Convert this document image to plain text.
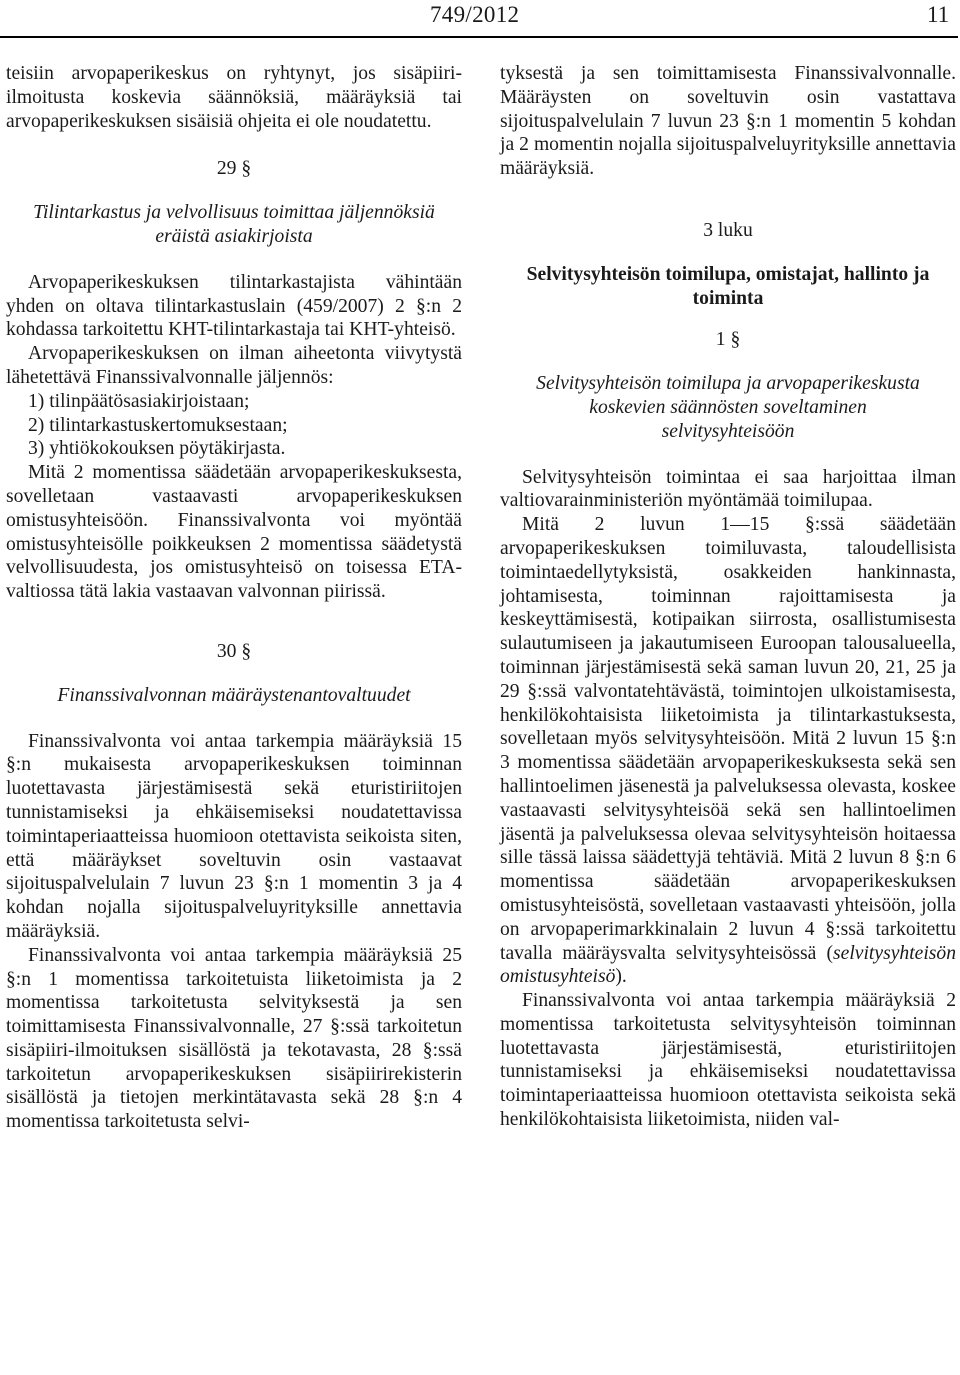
749/2012	11

teisiin arvopaperikeskus on ryhtynyt, jos sisäpiiri-ilmoitusta koskevia säännöksiä, määräyksiä tai arvopaperikeskuksen sisäisiä ohjeita ei ole noudatettu.

29 §
Tilintarkastus ja velvollisuus toimittaa jäljennöksiä eräistä asiakirjoista

Arvopaperikeskuksen tilintarkastajista vähintään yhden on oltava tilintarkastuslain (459/2007) 2 §:n 2 kohdassa tarkoitettu KHT-tilintarkastaja tai KHT-yhteisö.

Arvopaperikeskuksen on ilman aiheetonta viivytystä lähetettävä Finanssivalvonnalle jäljennös:

1) tilinpäätösasiakirjoistaan;
2) tilintarkastuskertomuksestaan;
3) yhtiökokouksen pöytäkirjasta.

Mitä 2 momentissa säädetään arvopaperikeskuksesta, sovelletaan vastaavasti arvopaperikeskuksen omistusyhteisöön. Finanssivalvonta voi myöntää omistusyhteisölle poikkeuksen 2 momentissa säädetystä velvollisuudesta, jos omistusyhteisö on toisessa ETA-valtiossa tätä lakia vastaavan valvonnan piirissä.

30 §
Finanssivalvonnan määräystenantovaltuudet

Finanssivalvonta voi antaa tarkempia määräyksiä 15 §:n mukaisesta arvopaperikeskuksen toiminnan luotettavasta järjestämisestä sekä eturistiriitojen tunnistamiseksi ja ehkäisemiseksi noudatettavissa toimintaperiaatteissa huomioon otettavista seikoista siten, että määräykset soveltuvin osin vastaavat sijoituspalvelulain 7 luvun 23 §:n 1 momentin 3 ja 4 kohdan nojalla sijoituspalveluyrityksille annettavia määräyksiä.

Finanssivalvonta voi antaa tarkempia määräyksiä 25 §:n 1 momentissa tarkoitetuista liiketoimista ja 2 momentissa tarkoitetusta selvityksestä ja sen toimittamisesta Finanssivalvonnalle, 27 §:ssä tarkoitetun sisäpiiri-ilmoituksen sisällöstä ja tekotavasta, 28 §:ssä tarkoitetun arvopaperikeskuksen sisäpiirirekisterin sisällöstä ja tietojen merkintätavasta sekä 28 §:n 4 momentissa tarkoitetusta selvi-

tyksestä ja sen toimittamisesta Finanssivalvonnalle. Määräysten on soveltuvin osin vastattava sijoituspalvelulain 7 luvun 23 §:n 1 momentin 5 kohdan ja 2 momentin nojalla sijoituspalveluyrityksille annettavia määräyksiä.

3 luku
Selvitysyhteisön toimilupa, omistajat, hallinto ja toiminta
1 §
Selvitysyhteisön toimilupa ja arvopaperikeskusta koskevien säännösten soveltaminen selvitysyhteisöön

Selvitysyhteisön toimintaa ei saa harjoittaa ilman valtiovarainministeriön myöntämää toimilupaa.

Mitä 2 luvun 1—15 §:ssä säädetään arvopaperikeskuksen toimiluvasta, taloudellisista toimintaedellytyksistä, osakkeiden hankinnasta, johtamisesta, toiminnan rajoittamisesta ja keskeyttämisestä, kotipaikan siirrosta, osallistumisesta sulautumiseen ja jakautumiseen Euroopan talousalueella, toiminnan järjestämisestä sekä saman luvun 20, 21, 25 ja 29 §:ssä valvontatehtävästä, toimintojen ulkoistamisesta, henkilökohtaisista liiketoimista ja tilintarkastuksesta, sovelletaan myös selvitysyhteisöön. Mitä 2 luvun 15 §:n 3 momentissa säädetään arvopaperikeskuksesta sekä sen hallintoelimen jäsenestä ja palveluksessa olevasta, koskee vastaavasti selvitysyhteisöä sekä sen hallintoelimen jäsentä ja palveluksessa olevaa selvitysyhteisön hoitaessa sille tässä laissa säädettyjä tehtäviä. Mitä 2 luvun 8 §:n 6 momentissa säädetään arvopaperikeskuksen omistusyhteisöstä, sovelletaan vastaavasti yhteisöön, jolla on arvopaperimarkkinalain 2 luvun 4 §:ssä tarkoitettu tavalla määräysvalta selvitysyhteisössä (selvitysyhteisön omistusyhteisö).

Finanssivalvonta voi antaa tarkempia määräyksiä 2 momentissa tarkoitetusta selvitysyhteisön toiminnan luotettavasta järjestämisestä, eturistiriitojen tunnistamiseksi ja ehkäisemiseksi noudatettavissa toimintaperiaatteissa huomioon otettavista seikoista sekä henkilökohtaisista liiketoimista, niiden val-
